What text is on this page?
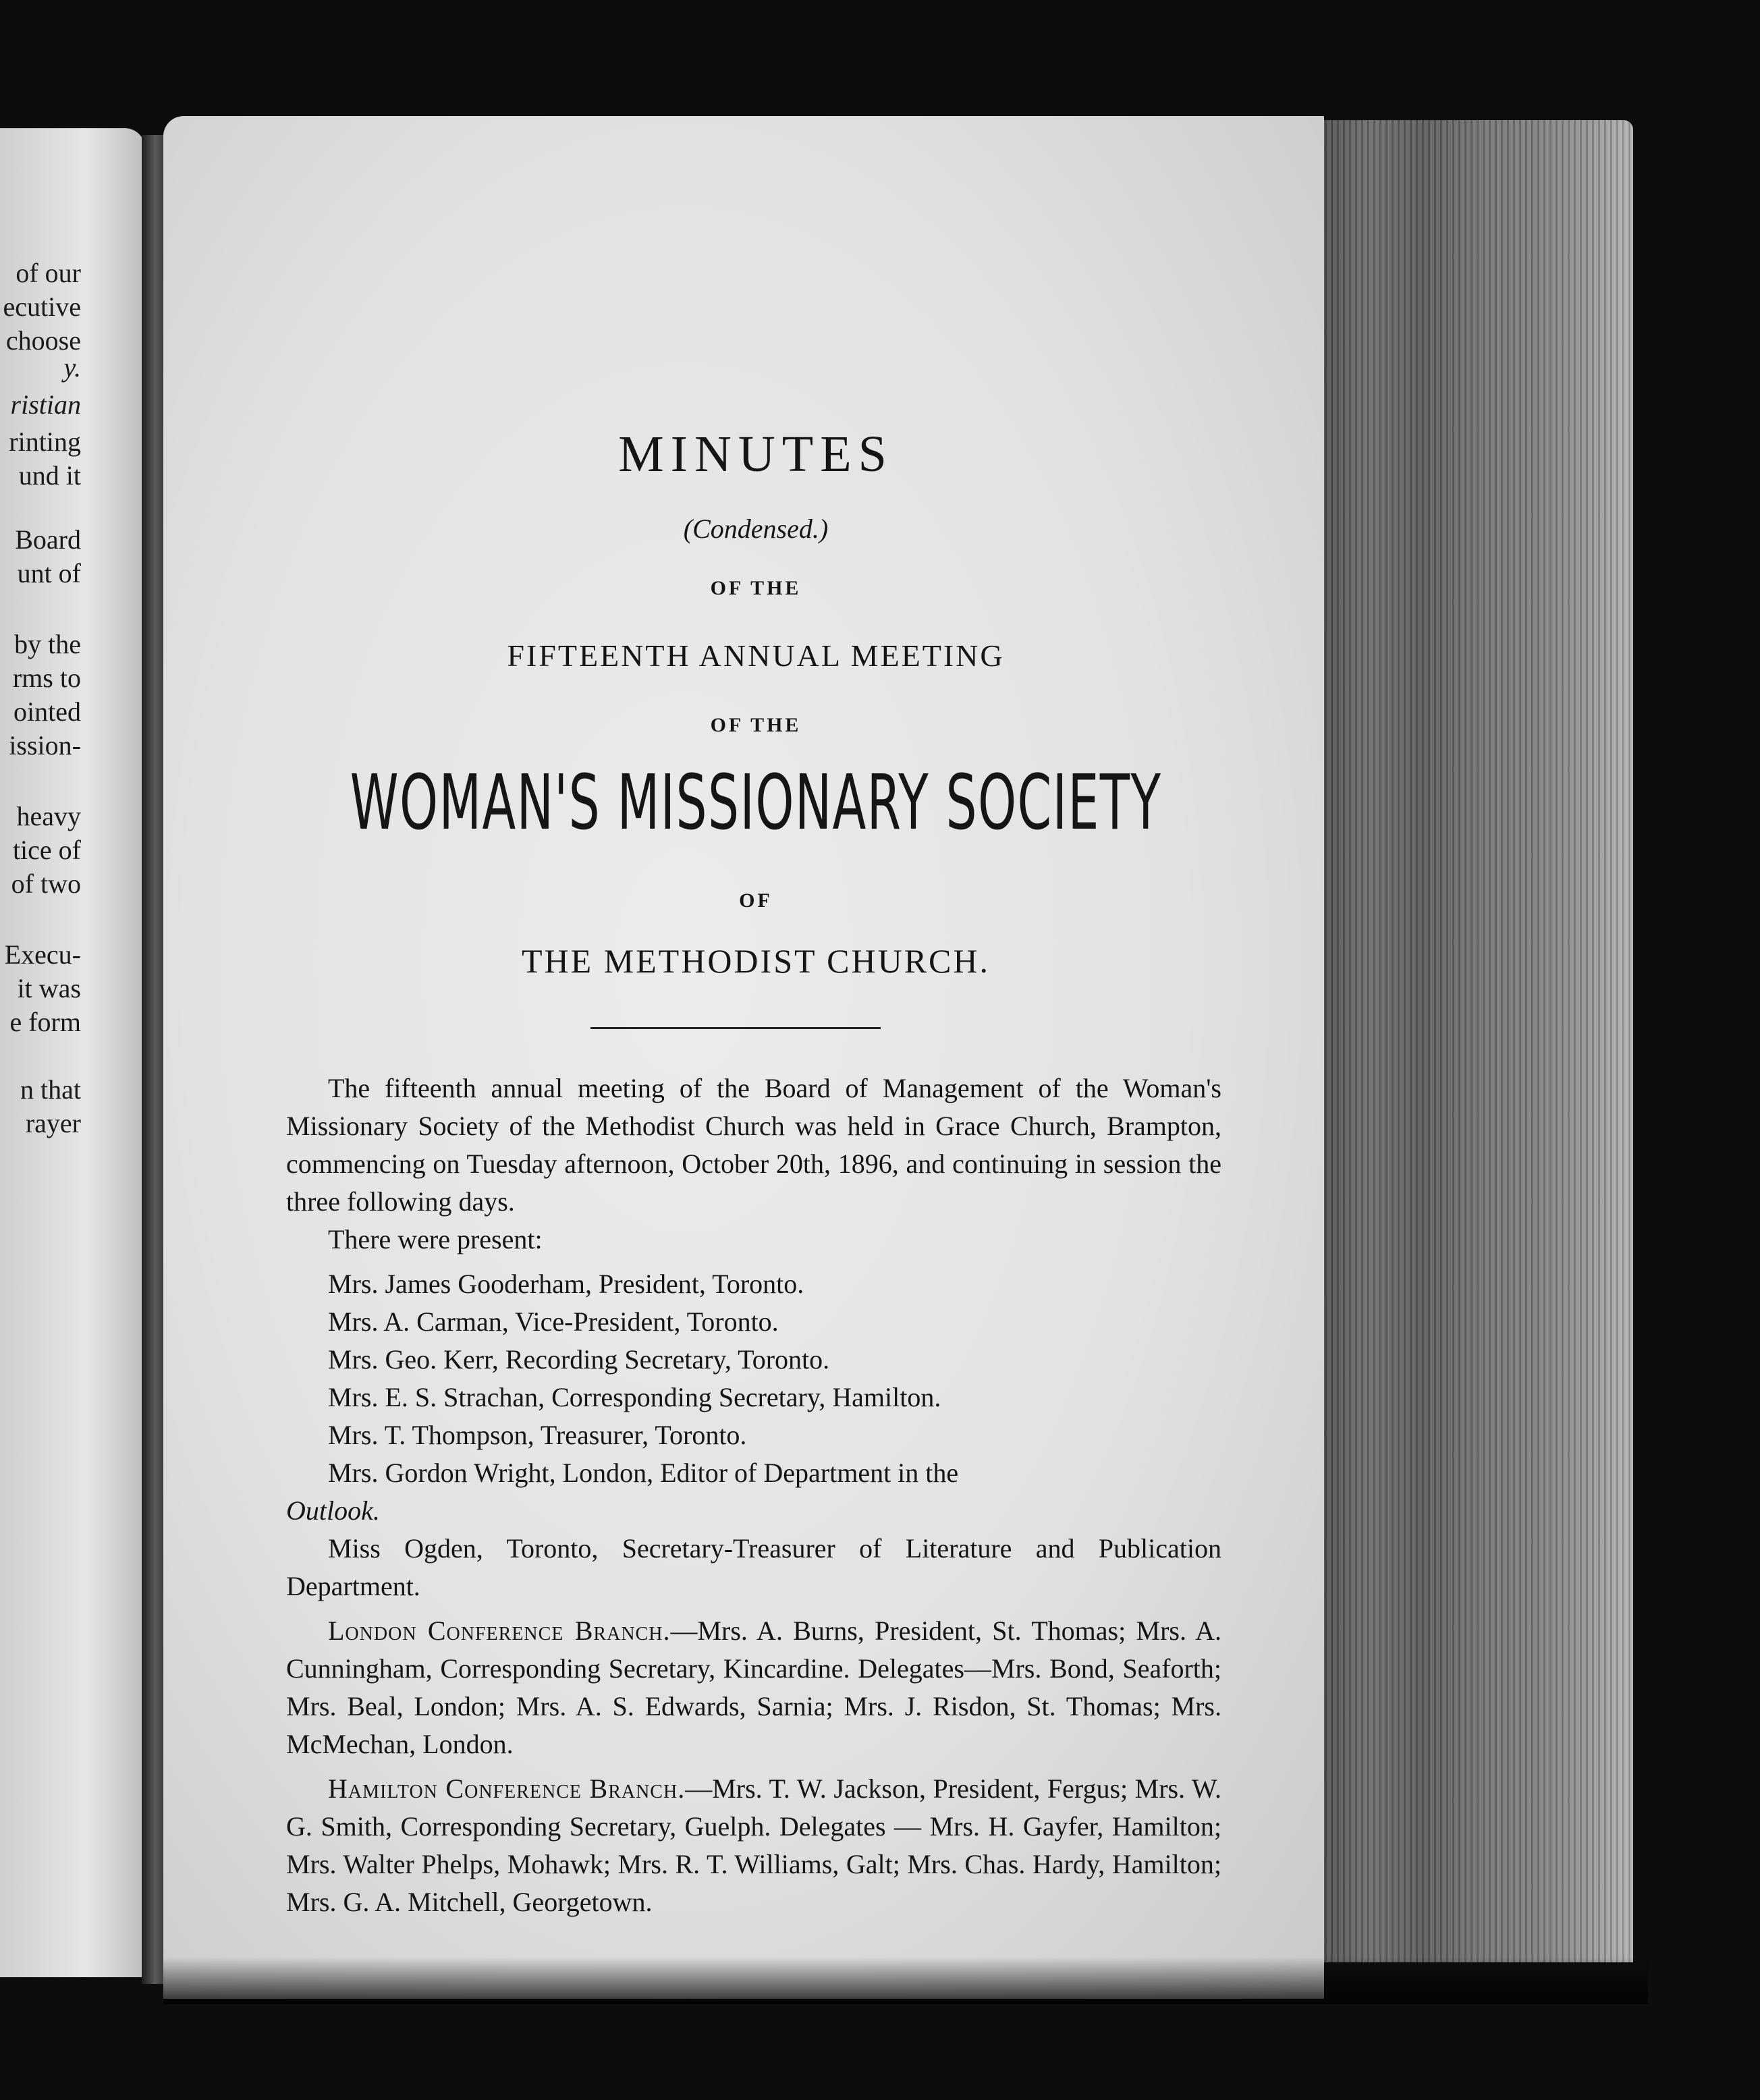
of our
ecutive
choose
y.
ristian
rinting
und it
Board
unt of
by the
rms to
ointed
ission-
heavy
tice of
of two
Execu-
it was
e form
n that
rayer
MINUTES
(Condensed.)
OF THE
FIFTEENTH ANNUAL MEETING
OF THE
WOMAN'S MISSIONARY SOCIETY
OF
THE METHODIST CHURCH.

The fifteenth annual meeting of the Board of Management of the Woman's Missionary Society of the Methodist Church was held in Grace Church, Brampton, commencing on Tuesday afternoon, October 20th, 1896, and continuing in session the three following days.

There were present:

Mrs. James Gooderham, President, Toronto.

Mrs. A. Carman, Vice-President, Toronto.

Mrs. Geo. Kerr, Recording Secretary, Toronto.

Mrs. E. S. Strachan, Corresponding Secretary, Hamilton.

Mrs. T. Thompson, Treasurer, Toronto.

Mrs. Gordon Wright, London, Editor of Department in the
Outlook.

Miss Ogden, Toronto, Secretary-Treasurer of Literature and Publication Department.

London Conference Branch.—Mrs. A. Burns, President, St. Thomas; Mrs. A. Cunningham, Corresponding Secretary, Kincardine. Delegates—Mrs. Bond, Seaforth; Mrs. Beal, London; Mrs. A. S. Edwards, Sarnia; Mrs. J. Risdon, St. Thomas; Mrs. McMechan, London.

Hamilton Conference Branch.—Mrs. T. W. Jackson, President, Fergus; Mrs. W. G. Smith, Corresponding Secretary, Guelph. Delegates — Mrs. H. Gayfer, Hamilton; Mrs. Walter Phelps, Mohawk; Mrs. R. T. Williams, Galt; Mrs. Chas. Hardy, Hamilton; Mrs. G. A. Mitchell, Georgetown.
